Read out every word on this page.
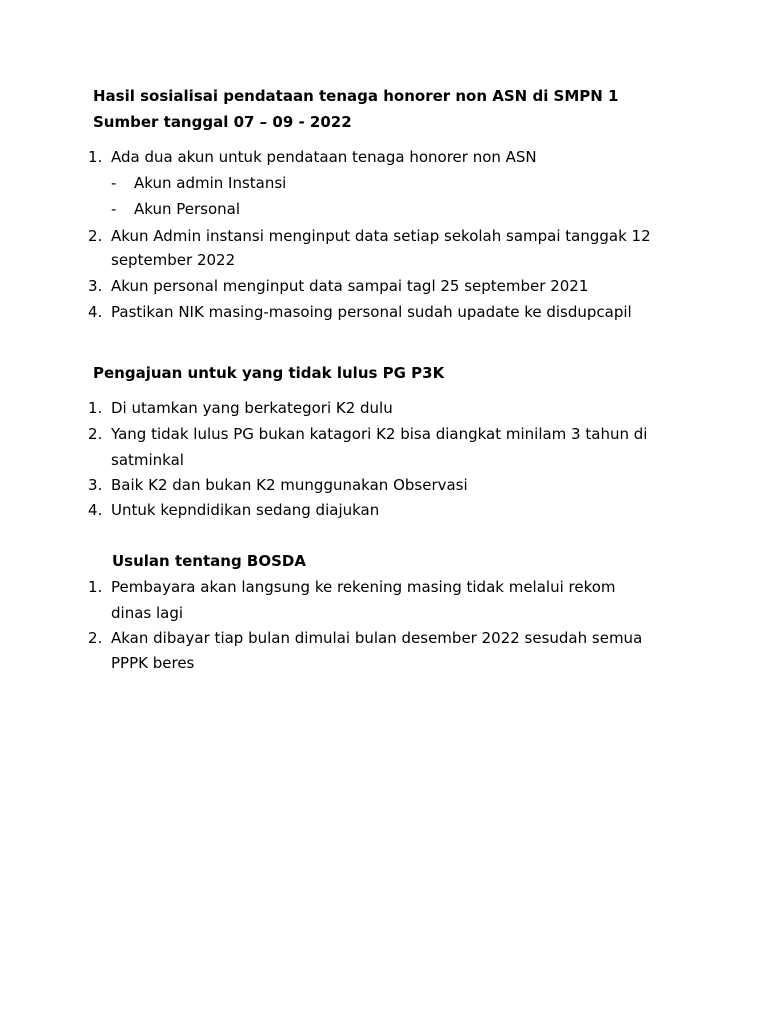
Hasil sosialisai pendataan tenaga honorer non ASN di SMPN 1
Sumber tanggal 07 – 09 - 2022
1. Ada dua akun untuk pendataan tenaga honorer non ASN
- Akun admin Instansi
- Akun Personal
2. Akun Admin instansi menginput data setiap sekolah sampai tanggak 12
september 2022
3. Akun personal menginput data sampai tagl 25 september 2021
4. Pastikan NIK masing-masoing personal sudah upadate ke disdupcapil
Pengajuan untuk yang tidak lulus PG P3K
1. Di utamkan yang berkategori K2 dulu
2. Yang tidak lulus PG bukan katagori K2 bisa diangkat minilam 3 tahun di
satminkal
3. Baik K2 dan bukan K2 munggunakan Observasi
4. Untuk kepndidikan sedang diajukan
Usulan tentang BOSDA
1. Pembayara akan langsung ke rekening masing tidak melalui rekom
dinas lagi
2. Akan dibayar tiap bulan dimulai bulan desember 2022 sesudah semua
PPPK beres
